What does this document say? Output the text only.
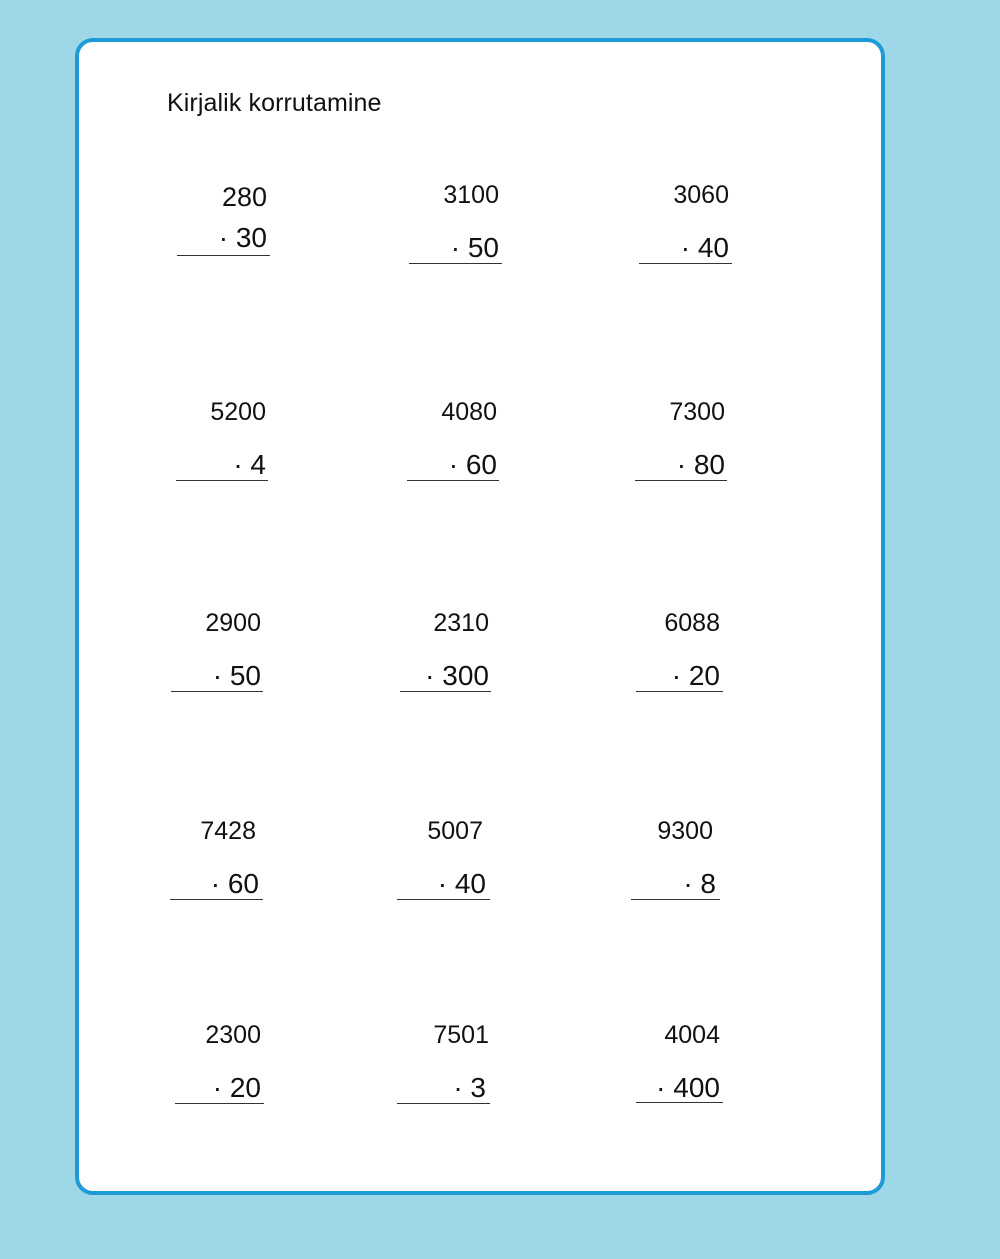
Kirjalik korrutamine
280
· 30
3100
· 50
3060
· 40
5200
· 4
4080
· 60
7300
· 80
2900
· 50
2310
· 300
6088
· 20
7428
· 60
5007
· 40
9300
· 8
2300
· 20
7501
· 3
4004
· 400
